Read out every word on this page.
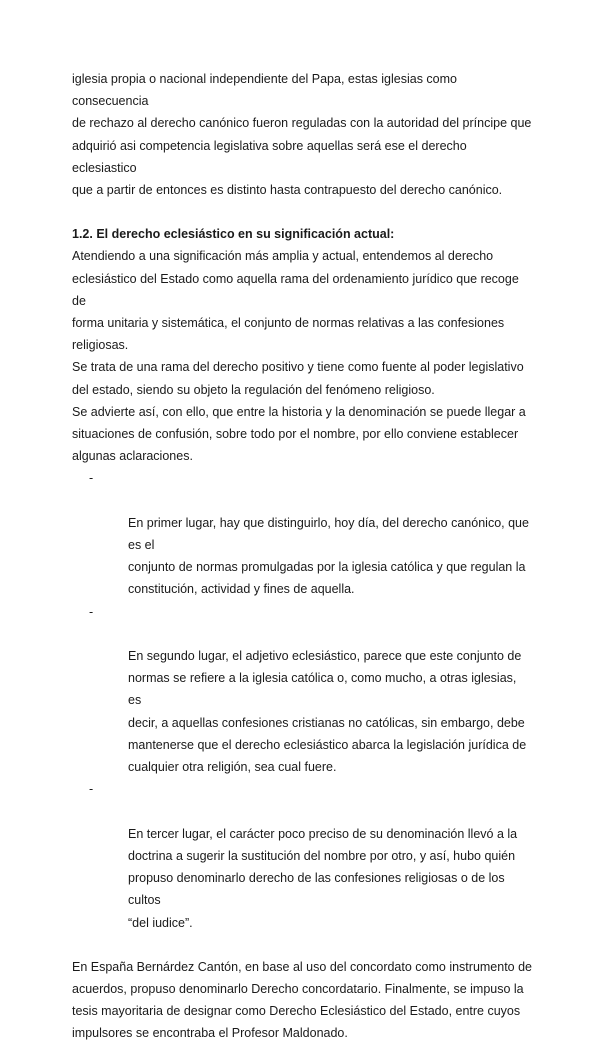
iglesia propia o nacional independiente del Papa, estas iglesias como consecuencia
de rechazo al derecho canónico fueron reguladas con la autoridad del príncipe que
adquirió asi competencia legislativa sobre aquellas será ese el derecho eclesiastico
que a partir de entonces es distinto hasta contrapuesto del derecho canónico.

1.2. El derecho eclesiástico en su significación actual:

Atendiendo a una significación más amplia y actual, entendemos al derecho
eclesiástico del Estado como aquella rama del ordenamiento jurídico que recoge de
forma unitaria y sistemática, el conjunto de normas relativas a las confesiones
religiosas.

Se trata de una rama del derecho positivo y tiene como fuente al poder legislativo
del estado, siendo su objeto la regulación del fenómeno religioso.

Se advierte así, con ello, que entre la historia y la denominación se puede llegar a
situaciones de confusión, sobre todo por el nombre, por ello conviene establecer
algunas aclaraciones.

-

En primer lugar, hay que distinguirlo, hoy día, del derecho canónico, que es el
conjunto de normas promulgadas por la iglesia católica y que regulan la
constitución, actividad y fines de aquella.

-

En segundo lugar, el adjetivo eclesiástico, parece que este conjunto de
normas se refiere a la iglesia católica o, como mucho, a otras iglesias, es
decir, a aquellas confesiones cristianas no católicas, sin embargo, debe
mantenerse que el derecho eclesiástico abarca la legislación jurídica de
cualquier otra religión, sea cual fuere.

-

En tercer lugar, el carácter poco preciso de su denominación llevó a la
doctrina a sugerir la sustitución del nombre por otro, y así, hubo quién
propuso denominarlo derecho de las confesiones religiosas o de los cultos
“del iudice”.

En España Bernárdez Cantón, en base al uso del concordato como instrumento de
acuerdos, propuso denominarlo Derecho concordatario. Finalmente, se impuso la
tesis mayoritaria de designar como Derecho Eclesiástico del Estado, entre cuyos
impulsores se encontraba el Profesor Maldonado.
